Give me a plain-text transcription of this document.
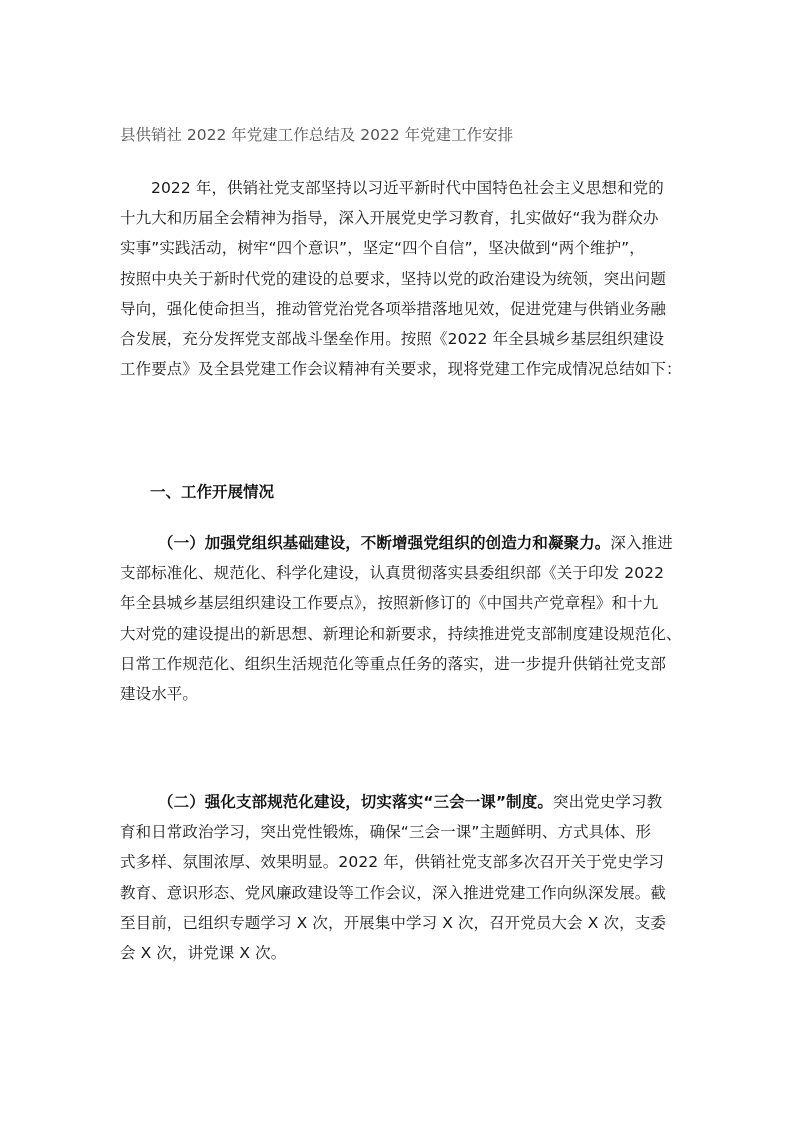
县供销社 2022 年党建工作总结及 2022 年党建工作安排
2022 年，供销社党支部坚持以习近平新时代中国特色社会主义思想和党的
十九大和历届全会精神为指导，深入开展党史学习教育，扎实做好“我为群众办
实事”实践活动，树牢“四个意识”，坚定“四个自信”，坚决做到“两个维护”，
按照中央关于新时代党的建设的总要求，坚持以党的政治建设为统领，突出问题
导向，强化使命担当，推动管党治党各项举措落地见效，促进党建与供销业务融
合发展，充分发挥党支部战斗堡垒作用。按照《2022 年全县城乡基层组织建设
工作要点》及全县党建工作会议精神有关要求，现将党建工作完成情况总结如下：
一、工作开展情况
（一）加强党组织基础建设，不断增强党组织的创造力和凝聚力。深入推进
支部标准化、规范化、科学化建设，认真贯彻落实县委组织部《关于印发 2022
年全县城乡基层组织建设工作要点》，按照新修订的《中国共产党章程》和十九
大对党的建设提出的新思想、新理论和新要求，持续推进党支部制度建设规范化、
日常工作规范化、组织生活规范化等重点任务的落实，进一步提升供销社党支部
建设水平。
（二）强化支部规范化建设，切实落实“三会一课”制度。突出党史学习教
育和日常政治学习，突出党性锻炼，确保“三会一课”主题鲜明、方式具体、形
式多样、氛围浓厚、效果明显。2022 年，供销社党支部多次召开关于党史学习
教育、意识形态、党风廉政建设等工作会议，深入推进党建工作向纵深发展。截
至目前，已组织专题学习 X 次，开展集中学习 X 次，召开党员大会 X 次，支委
会 X 次，讲党课 X 次。
